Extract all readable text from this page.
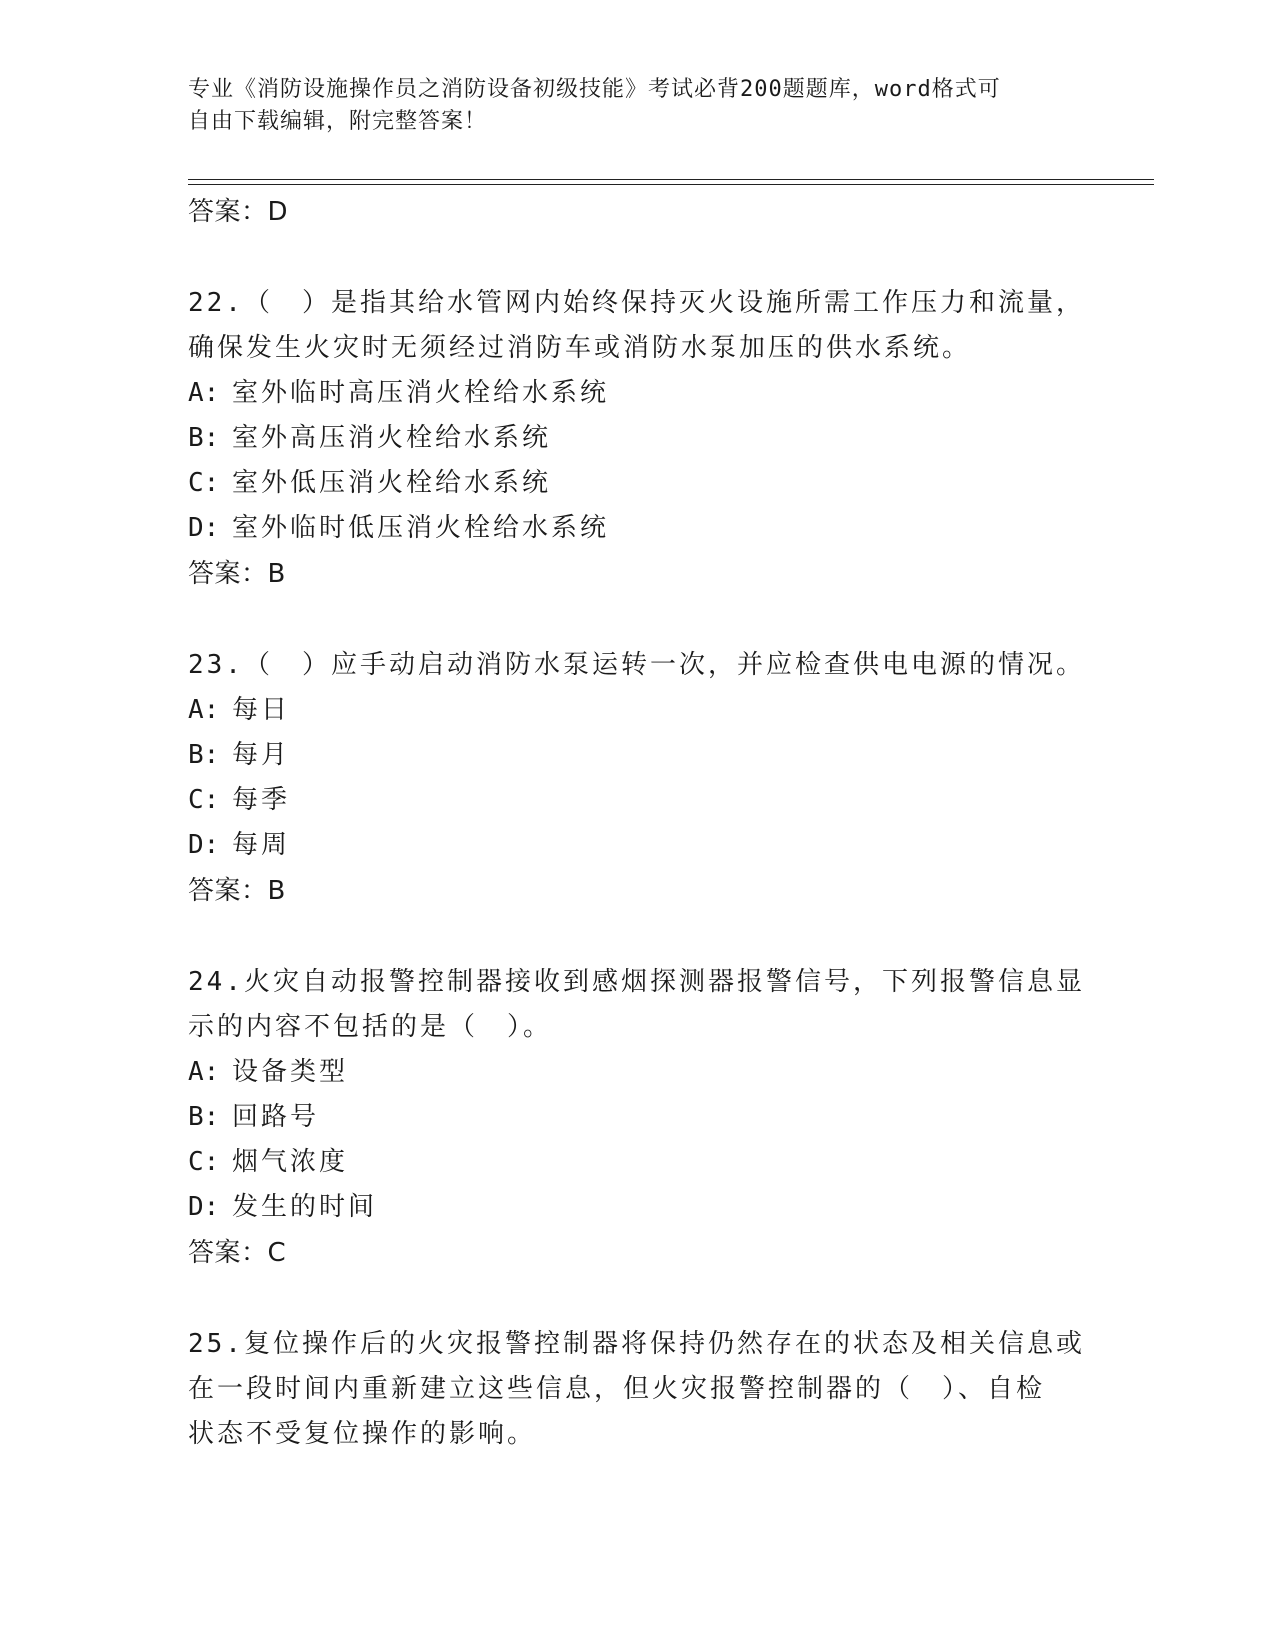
专业《消防设施操作员之消防设备初级技能》考试必背200题题库，word格式可
自由下载编辑，附完整答案！
答案：D
22.（　）是指其给水管网内始终保持灭火设施所需工作压力和流量，
确保发生火灾时无须经过消防车或消防水泵加压的供水系统。
A: 室外临时高压消火栓给水系统
B: 室外高压消火栓给水系统
C: 室外低压消火栓给水系统
D: 室外临时低压消火栓给水系统
答案：B
23.（　）应手动启动消防水泵运转一次，并应检查供电电源的情况。
A: 每日
B: 每月
C: 每季
D: 每周
答案：B
24.火灾自动报警控制器接收到感烟探测器报警信号，下列报警信息显
示的内容不包括的是（　）。
A: 设备类型
B: 回路号
C: 烟气浓度
D: 发生的时间
答案：C
25.复位操作后的火灾报警控制器将保持仍然存在的状态及相关信息或
在一段时间内重新建立这些信息，但火灾报警控制器的（　）、自检
状态不受复位操作的影响。
